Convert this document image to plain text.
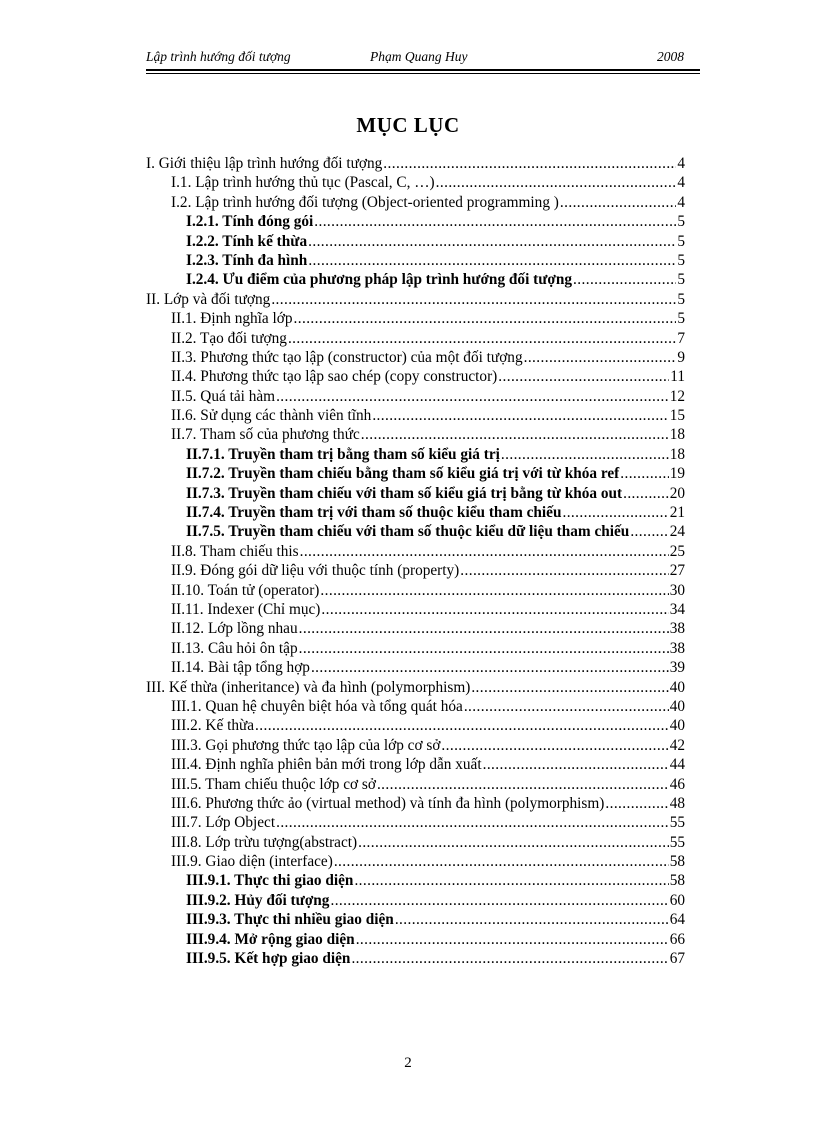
Lập trình hướng đối tượng	Phạm Quang Huy	2008
MỤC LỤC
I. Giới thiệu lập trình hướng đối tượng .....	4
I.1. Lập trình hướng thủ tục (Pascal, C, …) .....	4
I.2. Lập trình hướng đối tượng (Object-oriented programming ) .....	4
I.2.1. Tính đóng gói .....	5
I.2.2. Tính kế thừa .....	5
I.2.3. Tính đa hình .....	5
I.2.4. Ưu điểm của phương pháp lập trình hướng đối tượng .....	5
II. Lớp và đối tượng .....	5
II.1. Định nghĩa lớp .....	5
II.2. Tạo đối tượng .....	7
II.3. Phương thức tạo lập (constructor) của một đối tượng .....	9
II.4. Phương thức tạo lập sao chép (copy constructor) .....	11
II.5. Quá tải hàm .....	12
II.6. Sử dụng các thành viên tĩnh .....	15
II.7. Tham số của phương thức .....	18
II.7.1. Truyền tham trị bằng tham số kiểu giá trị .....	18
II.7.2. Truyền tham chiếu bằng tham số kiểu giá trị với từ khóa ref .....	19
II.7.3. Truyền tham chiếu với tham số kiểu giá trị bằng từ khóa out .....	20
II.7.4. Truyền tham trị với tham số thuộc kiểu tham chiếu .....	21
II.7.5. Truyền tham chiếu với tham số thuộc kiểu dữ liệu tham chiếu .....	24
II.8. Tham chiếu this .....	25
II.9. Đóng gói dữ liệu với thuộc tính (property) .....	27
II.10. Toán tử (operator) .....	30
II.11. Indexer (Chỉ mục) .....	34
II.12. Lớp lồng nhau .....	38
II.13. Câu hỏi ôn tập .....	38
II.14. Bài tập tổng hợp .....	39
III. Kế thừa (inheritance) và đa hình (polymorphism) .....	40
III.1. Quan hệ chuyên biệt hóa và tổng quát hóa .....	40
III.2. Kế thừa .....	40
III.3. Gọi phương thức tạo lập của lớp cơ sở .....	42
III.4. Định nghĩa phiên bản mới trong lớp dẫn xuất .....	44
III.5. Tham chiếu thuộc lớp cơ sở .....	46
III.6. Phương thức ảo (virtual method) và tính đa hình (polymorphism) .....	48
III.7. Lớp Object .....	55
III.8. Lớp trừu tượng(abstract) .....	55
III.9. Giao diện (interface) .....	58
III.9.1. Thực thi giao diện .....	58
III.9.2. Hủy đối tượng .....	60
III.9.3. Thực thi nhiều giao diện .....	64
III.9.4. Mở rộng giao diện .....	66
III.9.5. Kết hợp giao diện .....	67
2
